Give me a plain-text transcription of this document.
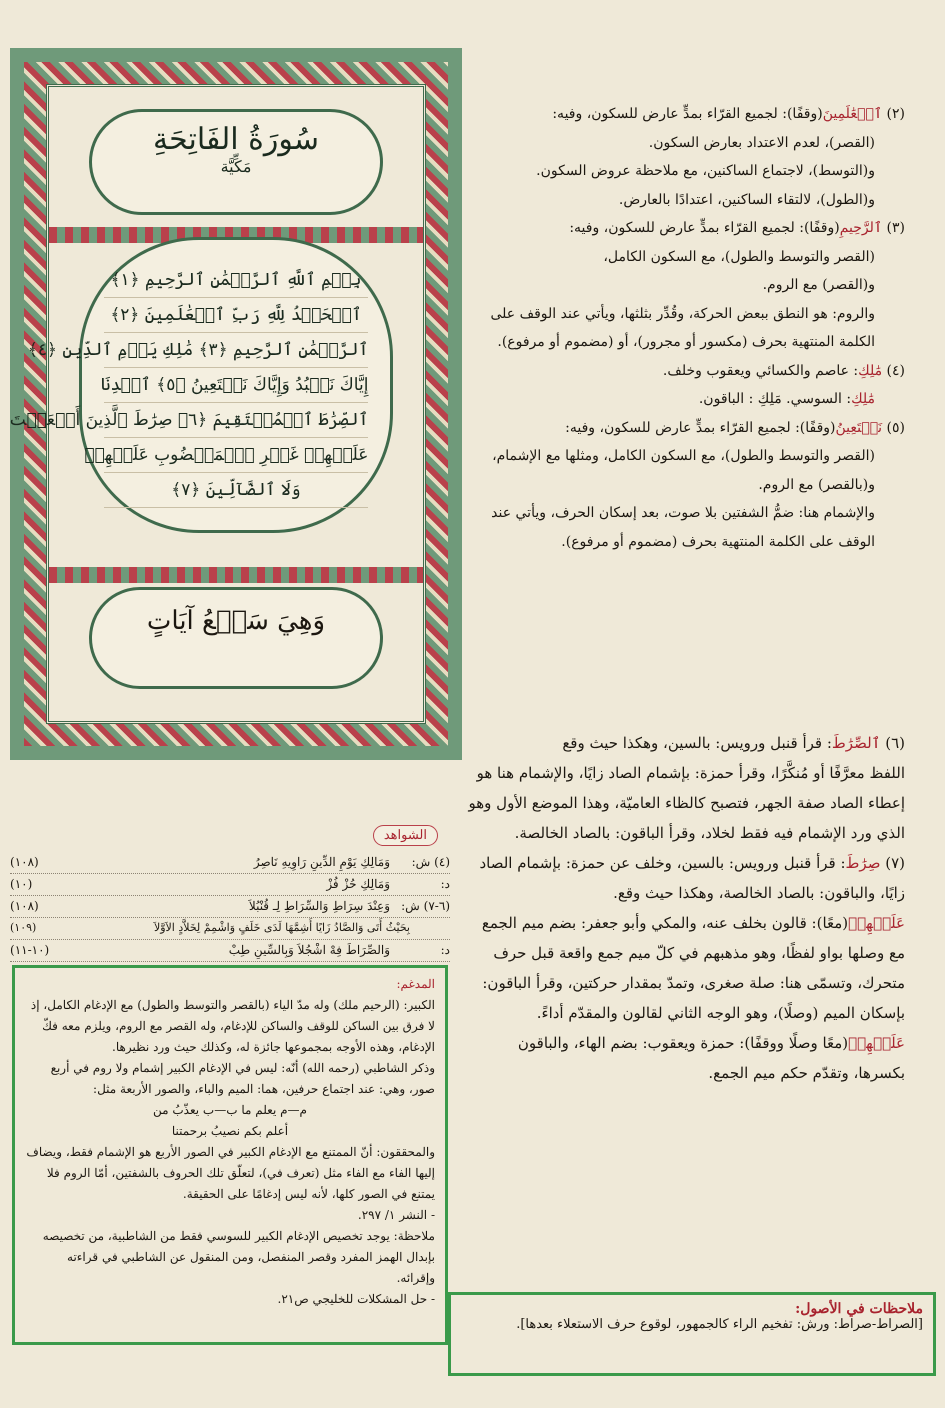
سُورَةُ الفَاتِحَةِ
مَكِّيَّة
بِسۡمِ ٱللَّهِ ٱلرَّحۡمَٰنِ ٱلرَّحِيمِ ﴿١﴾
ٱلۡحَمۡدُ لِلَّهِ رَبِّ ٱلۡعَٰلَمِينَ ﴿٢﴾
ٱلرَّحۡمَٰنِ ٱلرَّحِيمِ ﴿٣﴾ مَٰلِكِ يَوۡمِ ٱلدِّينِ ﴿٤﴾
إِيَّاكَ نَعۡبُدُ وَإِيَّاكَ نَسۡتَعِينُ ﴿٥﴾ ٱهۡدِنَا
ٱلصِّرَٰطَ ٱلۡمُسۡتَقِيمَ ﴿٦﴾ صِرَٰطَ ٱلَّذِينَ أَنۡعَمۡتَ
عَلَيۡهِمۡ غَيۡرِ ٱلۡمَغۡضُوبِ عَلَيۡهِمۡ
وَلَا ٱلضَّآلِّينَ ﴿٧﴾
وَهِيَ سَبۡعُ آيَاتٍ

(٢) ٱلۡعَٰلَمِينَ(وقفًا): لجميع القرّاء بمدٍّ عارض للسكون، وفيه:

(القصر)، لعدم الاعتداد بعارض السكون.

و(التوسط)، لاجتماع الساكنين، مع ملاحظة عروض السكون.

و(الطول)، لالتقاء الساكنين، اعتدادًا بالعارض.

(٣) ٱلرَّحِيمِ(وقفًا): لجميع القرّاء بمدٍّ عارض للسكون، وفيه:

(القصر والتوسط والطول)، مع السكون الكامل،

و(القصر) مع الروم.

والروم: هو النطق ببعض الحركة، وقُدِّر بثلثها، ويأتي عند الوقف على الكلمة المنتهية بحرف (مكسور أو مجرور)، أو (مضموم أو مرفوع).

(٤) مَٰلِكِ: عاصم والكسائي ويعقوب وخلف.

مَٰلِكِ: السوسي. مَلِكِ : الباقون.

(٥) نَسۡتَعِينُ(وقفًا): لجميع القرّاء بمدٍّ عارض للسكون، وفيه:

(القصر والتوسط والطول)، مع السكون الكامل، ومثلها مع الإشمام، و(بالقصر) مع الروم.

والإشمام هنا: ضمُّ الشفتين بلا صوت، بعد إسكان الحرف، ويأتي عند الوقف على الكلمة المنتهية بحرف (مضموم أو مرفوع).

(٦) ٱلصِّرَٰطَ: قرأ قنبل ورويس: بالسين، وهكذا حيث وقع

اللفظ معرَّفًا أو مُنكَّرًا، وقرأ حمزة: بإشمام الصاد زايًا، والإشمام هنا هو إعطاء الصاد صفة الجهر، فتصبح كالظاء العاميّة، وهذا الموضع الأول وهو الذي ورد الإشمام فيه فقط لخلاد، وقرأ الباقون: بالصاد الخالصة.

(٧) صِرَٰطَ: قرأ قنبل ورويس: بالسين، وخلف عن حمزة: بإشمام الصاد زايًا، والباقون: بالصاد الخالصة، وهكذا حيث وقع.

عَلَيۡهِمۡ(معًا): قالون بخلف عنه، والمكي وأبو جعفر: بضم ميم الجمع مع وصلها بواو لفظًا، وهو مذهبهم في كلّ ميم جمع واقعة قبل حرف متحرك، وتسمّى هنا: صلة صغرى، وتمدّ بمقدار حركتين، وقرأ الباقون: بإسكان الميم (وصلًا)، وهو الوجه الثاني لقالون والمقدّم أداءً.

عَلَيۡهِمۡ(معًا وصلًا ووقفًا): حمزة ويعقوب: بضم الهاء، والباقون بكسرها، وتقدّم حكم ميم الجمع.

الشواهد
(٤) ش:
وَمَالِكِ يَوْمِ الدِّينِ رَاوِيهِ نَاصِرُ
(١٠٨)
د:
وَمَالِكِ حُزْ فُزْ
(١٠)
(٦-٧) ش:
وَعِنْدَ سِرَاطِ وَالسِّرَاطِ لِـ قُنْبُلاَ
(١٠٨)
بِحَيْثُ أَتَى وَالصَّادُ زَايًا أَشِمَّهَا لَدَى خَلَفٍ وَاشْمِمْ لِخَلاَّدٍ الاَوَّلاَ
(١٠٩)
د:
وَالصِّرَاطَ فِهْ اشْجُلاَ وَبِالسِّينِ طِبْ
(١٠-١١)
المدغم:
الكبير: (الرحيم ملك) وله مدّ الياء (بالقصر والتوسط والطول) مع الإدغام الكامل، إذ لا فرق بين الساكن للوقف والساكن للإدغام، وله القصر مع الروم، ويلزم معه فكّ الإدغام، وهذه الأوجه بمجموعها جائزة له، وكذلك حيث ورد نظيرها.
وذكر الشاطبي (رحمه الله) أنّه: ليس في الإدغام الكبير إشمام ولا روم في أربع صور، وهي: عند اجتماع حرفين، هما: الميم والباء، والصور الأربعة مثل:
م—م يعلم ما ب—ب يعذّبُ من
أعلم بكم نصيبُ برحمتنا
والمحققون: أنّ الممتنع مع الإدغام الكبير في الصور الأربع هو الإشمام فقط، ويضاف إليها الفاء مع الفاء مثل (تعرف في)، لتعلّق تلك الحروف بالشفتين، أمّا الروم فلا يمتنع في الصور كلها، لأنه ليس إدغامًا على الحقيقة.
- النشر ١/ ٢٩٧.
ملاحظة: يوجد تخصيص الإدغام الكبير للسوسي فقط من الشاطبية، من تخصيصه بإبدال الهمز المفرد وقصر المنفصل، ومن المنقول عن الشاطبي في قراءته وإقرائه.
- حل المشكلات للخليجي ص٢١.
ملاحظات في الأصول:
[الصراط-صراط: ورش: تفخيم الراء كالجمهور، لوقوع حرف الاستعلاء بعدها].
